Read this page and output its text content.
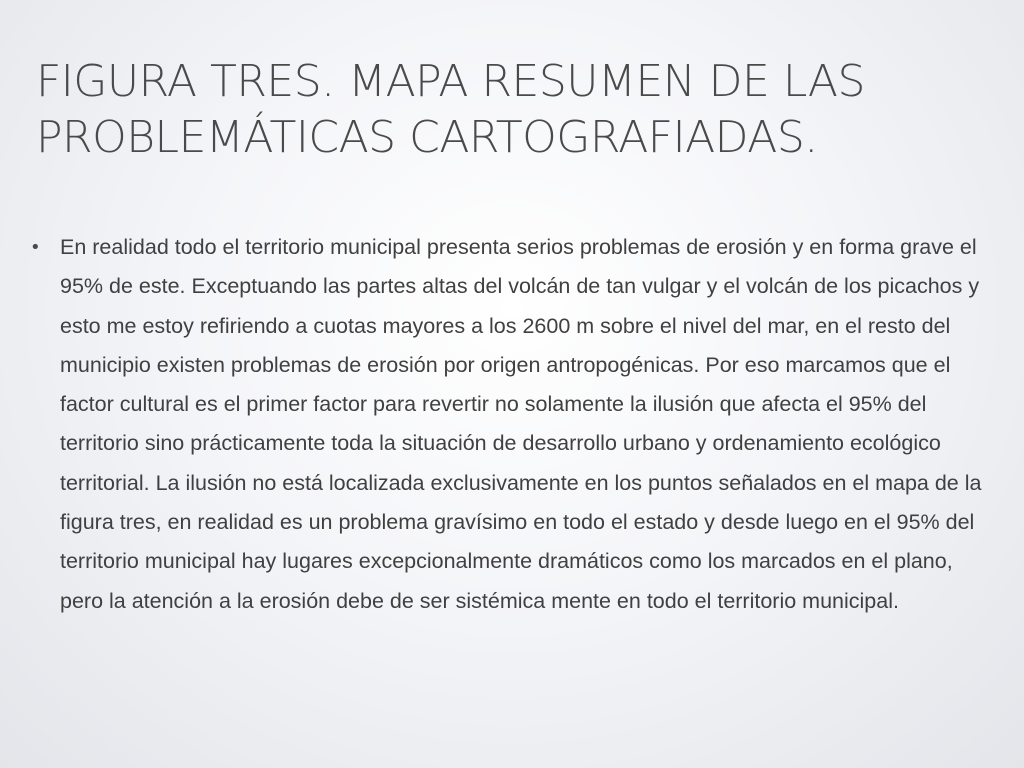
FIGURA TRES. MAPA RESUMEN DE LAS
PROBLEMÁTICAS CARTOGRAFIADAS.
• En realidad todo el territorio municipal presenta serios problemas de erosión y en forma grave el 95% de este. Exceptuando las partes altas del volcán de tan vulgar y el volcán de los picachos y esto me estoy refiriendo a cuotas mayores a los 2600 m sobre el nivel del mar, en el resto del municipio existen problemas de erosión por origen antropogénicas. Por eso marcamos que el factor cultural es el primer factor para revertir no solamente la ilusión que afecta el 95% del territorio sino prácticamente toda la situación de desarrollo urbano y ordenamiento ecológico territorial. La ilusión no está localizada exclusivamente en los puntos señalados en el mapa de la figura tres, en realidad es un problema gravísimo en todo el estado y desde luego en el 95% del territorio municipal hay lugares excepcionalmente dramáticos como los marcados en el plano, pero la atención a la erosión debe de ser sistémica mente en todo el territorio municipal.
